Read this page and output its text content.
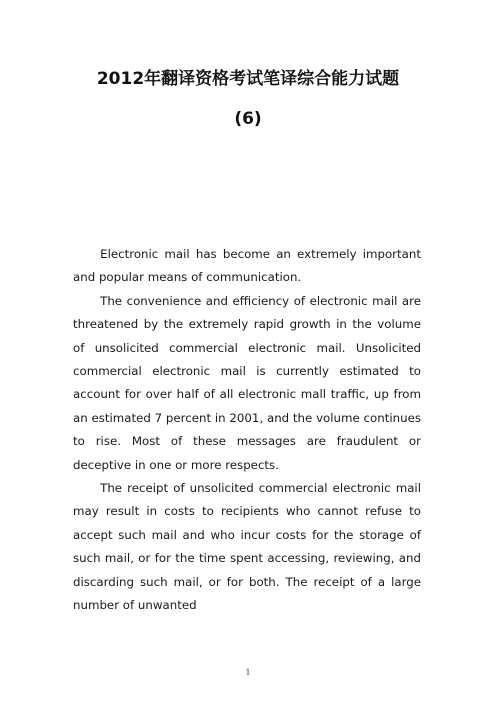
2012年翻译资格考试笔译综合能力试题
(6)

Electronic mail has become an extremely important and popular means of communication.

The convenience and efficiency of electronic mail are threatened by the extremely rapid growth in the volume of unsolicited commercial electronic mail. Unsolicited commercial electronic mail is currently estimated to account for over half of all electronic mall traffic, up from an estimated 7 percent in 2001, and the volume continues to rise. Most of these messages are fraudulent or deceptive in one or more respects.

The receipt of unsolicited commercial electronic mail may result in costs to recipients who cannot refuse to accept such mail and who incur costs for the storage of such mail, or for the time spent accessing, reviewing, and discarding such mail, or for both. The receipt of a large number of unwanted

1
